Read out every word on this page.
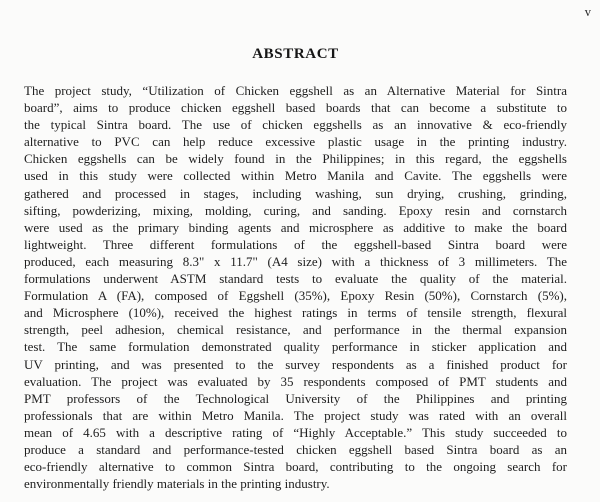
v
ABSTRACT
The project study, “Utilization of Chicken eggshell as an Alternative Material for Sintra
board”, aims to produce chicken eggshell based boards that can become a substitute to
the typical Sintra board. The use of chicken eggshells as an innovative & eco-friendly
alternative to PVC can help reduce excessive plastic usage in the printing industry.
Chicken eggshells can be widely found in the Philippines; in this regard, the eggshells
used in this study were collected within Metro Manila and Cavite. The eggshells were
gathered and processed in stages, including washing, sun drying, crushing, grinding,
sifting, powderizing, mixing, molding, curing, and sanding. Epoxy resin and cornstarch
were used as the primary binding agents and microsphere as additive to make the board
lightweight. Three different formulations of the eggshell-based Sintra board were
produced, each measuring 8.3" x 11.7" (A4 size) with a thickness of 3 millimeters. The
formulations underwent ASTM standard tests to evaluate the quality of the material.
Formulation A (FA), composed of Eggshell (35%), Epoxy Resin (50%), Cornstarch (5%),
and Microsphere (10%), received the highest ratings in terms of tensile strength, flexural
strength, peel adhesion, chemical resistance, and performance in the thermal expansion
test. The same formulation demonstrated quality performance in sticker application and
UV printing, and was presented to the survey respondents as a finished product for
evaluation. The project was evaluated by 35 respondents composed of PMT students and
PMT professors of the Technological University of the Philippines and printing
professionals that are within Metro Manila. The project study was rated with an overall
mean of 4.65 with a descriptive rating of “Highly Acceptable.” This study succeeded to
produce a standard and performance-tested chicken eggshell based Sintra board as an
eco-friendly alternative to common Sintra board, contributing to the ongoing search for
environmentally friendly materials in the printing industry.
